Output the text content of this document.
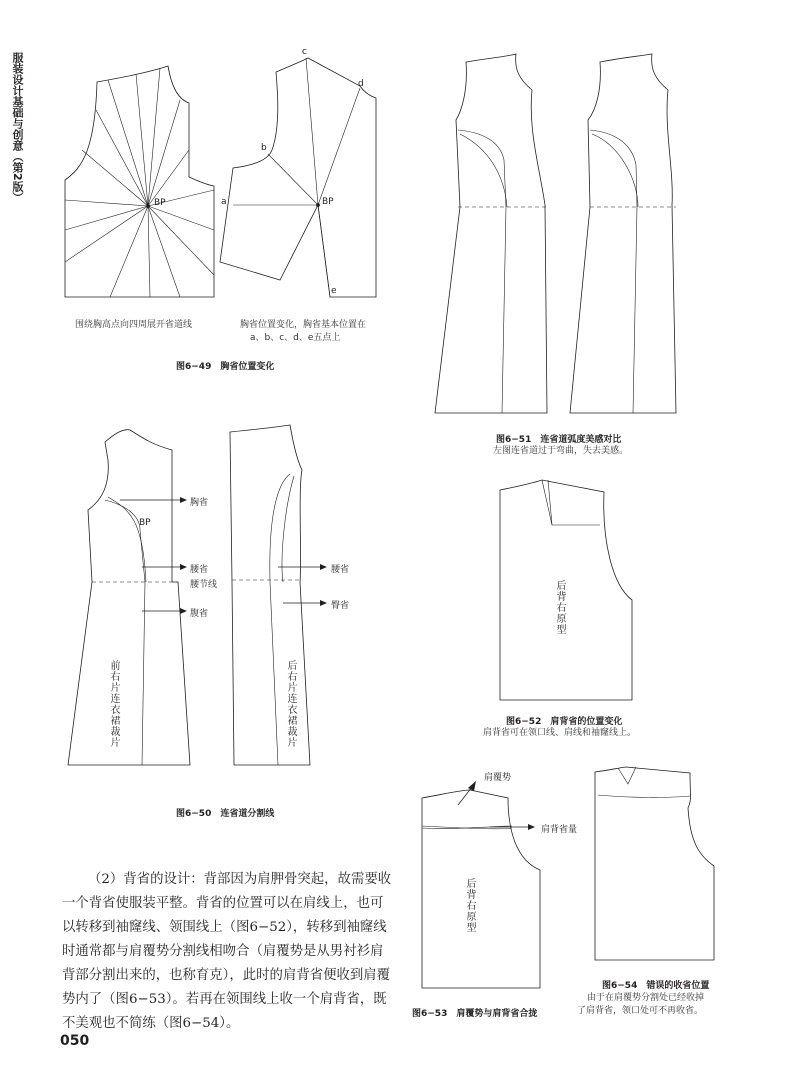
服装设计基础与创意（第2版）
BP	BP
a
b
c
d
e
围绕胸高点向四周展开省道线	胸省位置变化，胸省基本位置在
a、b、c、d、e五点上
图6−49　胸省位置变化
BP
胸省
腰省
腰节线
腹省
腰省
臀省
前右片连衣裙裁片	后右片连衣裙裁片
图6−50　连省道分割线
图6−51　连省道弧度美感对比
左图连省道过于弯曲，失去美感。
后背右原型
图6−52　肩背省的位置变化
肩背省可在领口线、肩线和袖窿线上。
肩覆势
肩背省量
后背右原型
图6−53　肩覆势与肩背省合拢
图6−54　错误的收省位置
由于在肩覆势分割处已经收掉
了肩背省，领口处可不再收省。

（2）背省的设计：背部因为肩胛骨突起，故需要收一个背省使服装平整。背省的位置可以在肩线上，也可以转移到袖窿线、领围线上（图6−52），转移到袖窿线时通常都与肩覆势分割线相吻合（肩覆势是从男衬衫肩背部分割出来的，也称育克），此时的肩背省便收到肩覆势内了（图6−53）。若再在领围线上收一个肩背省，既不美观也不简练（图6−54）。

050
